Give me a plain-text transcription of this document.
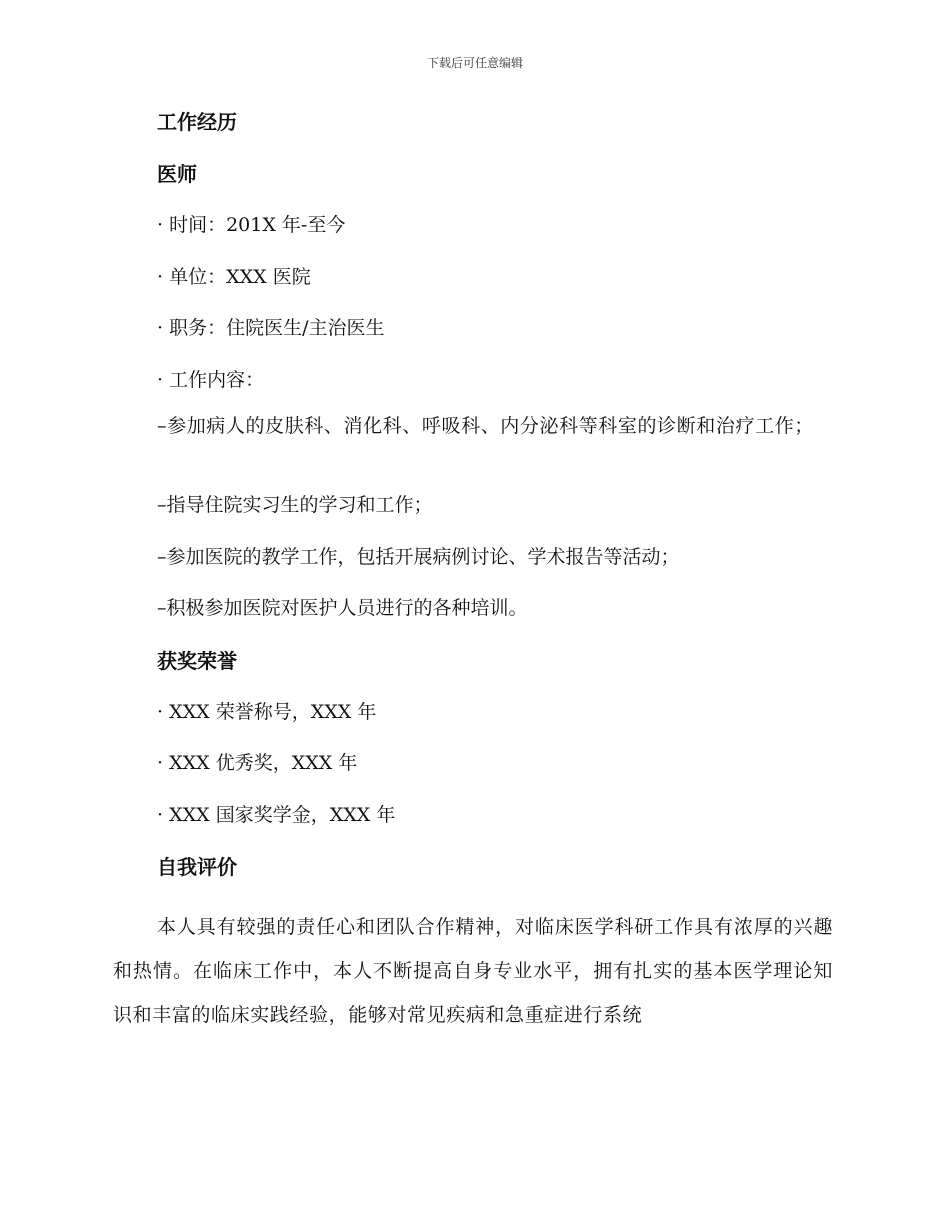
下载后可任意编辑
工作经历
医师
· 时间：201X 年-至今
· 单位：XXX 医院
· 职务：住院医生/主治医生
· 工作内容：
–参加病人的皮肤科、消化科、呼吸科、内分泌科等科室的诊断和治疗工作；
–指导住院实习生的学习和工作；
–参加医院的教学工作，包括开展病例讨论、学术报告等活动；
–积极参加医院对医护人员进行的各种培训。
获奖荣誉
· XXX 荣誉称号，XXX 年
· XXX 优秀奖，XXX 年
· XXX 国家奖学金，XXX 年
自我评价

本人具有较强的责任心和团队合作精神，对临床医学科研工作具有浓厚的兴趣和热情。在临床工作中，本人不断提高自身专业水平，拥有扎实的基本医学理论知识和丰富的临床实践经验，能够对常见疾病和急重症进行系统
